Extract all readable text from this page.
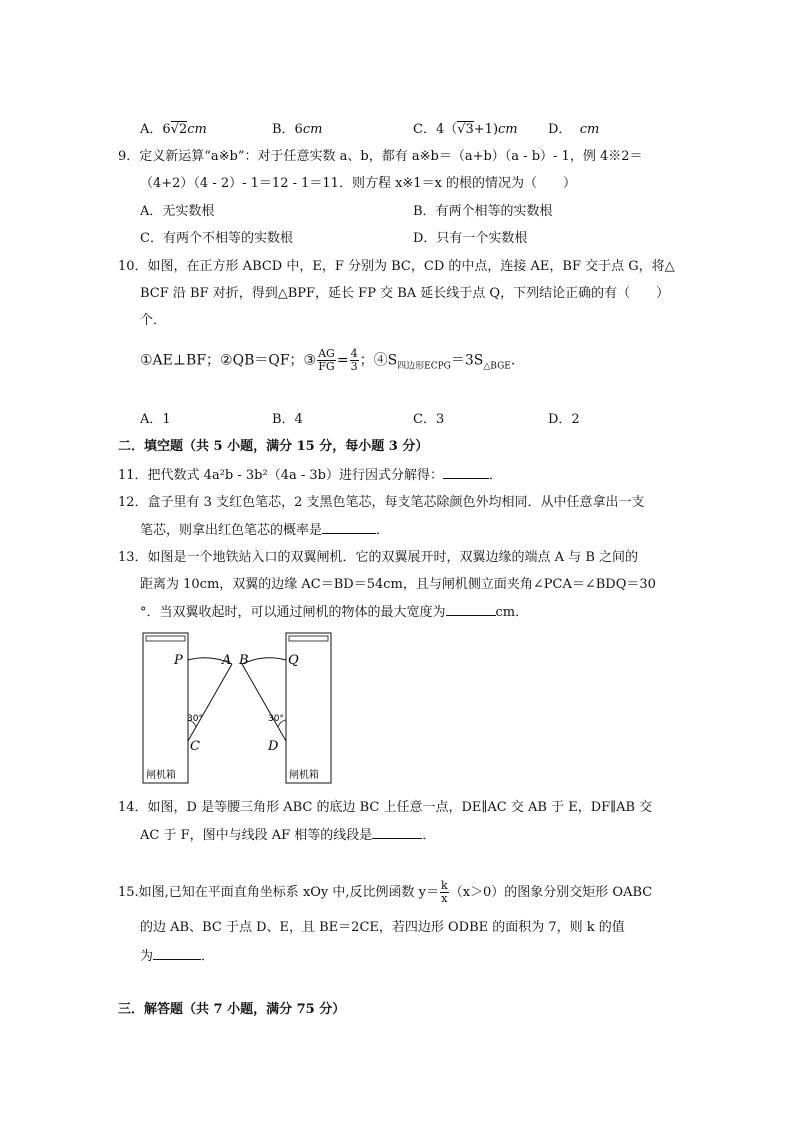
A．6√2cm	B．6cm	C．4（√3+1)cm D． cm
9．定义新运算“a※b”：对于任意实数 a、b，都有 a※b＝（a+b）（a - b）- 1，例 4※2＝
（4+2）（4 - 2）- 1＝12 - 1＝11．则方程 x※1＝x 的根的情况为（　　）
A．无实数根	B．有两个相等的实数根
C．有两个不相等的实数根	D．只有一个实数根
10．如图，在正方形 ABCD 中，E，F 分别为 BC，CD 的中点，连接 AE，BF 交于点 G，将△
BCF 沿 BF 对折，得到△BPF，延长 FP 交 BA 延长线于点 Q，下列结论正确的有（　　）
个．
①AE⊥BF；②QB＝QF；③ $\frac{AG}{FG} = \frac{4}{3}$ ；$④S_{四边形ECPG}=3S_{\triangle BGE}$.
A．1	B．4	C．3	D．2
二．填空题（共 5 小题，满分 15 分，每小题 3 分）
11．把代数式 4a²b - 3b²（4a - 3b）进行因式分解得：	．
12．盒子里有 3 支红色笔芯，2 支黑色笔芯，每支笔芯除颜色外均相同．从中任意拿出一支
笔芯，则拿出红色笔芯的概率是	．
13．如图是一个地铁站入口的双翼闸机．它的双翼展开时，双翼边缘的端点 A 与 B 之间的
距离为 10cm，双翼的边缘 AC＝BD＝54cm，且与闸机侧立面夹角∠PCA＝∠BDQ＝30
°．当双翼收起时，可以通过闸机的物体的最大宽度为	cm．
P	A B	Q
C	D
30°	30°
闸机箱	闸机箱
14．如图，D 是等腰三角形 ABC 的底边 BC 上任意一点，DE∥AC 交 AB 于 E，DF∥AB 交
AC 于 F，图中与线段 AF 相等的线段是	．
15.如图,已知在平面直角坐标系 xOy 中,反比例函数 $y= \frac{k}{x} (x>0)$的图象分别交矩形 OABC
的边 AB、BC 于点 D、E，且 BE＝2CE，若四边形 ODBE 的面积为 7，则 k 的值
为	．
三．解答题（共 7 小题，满分 75 分）
